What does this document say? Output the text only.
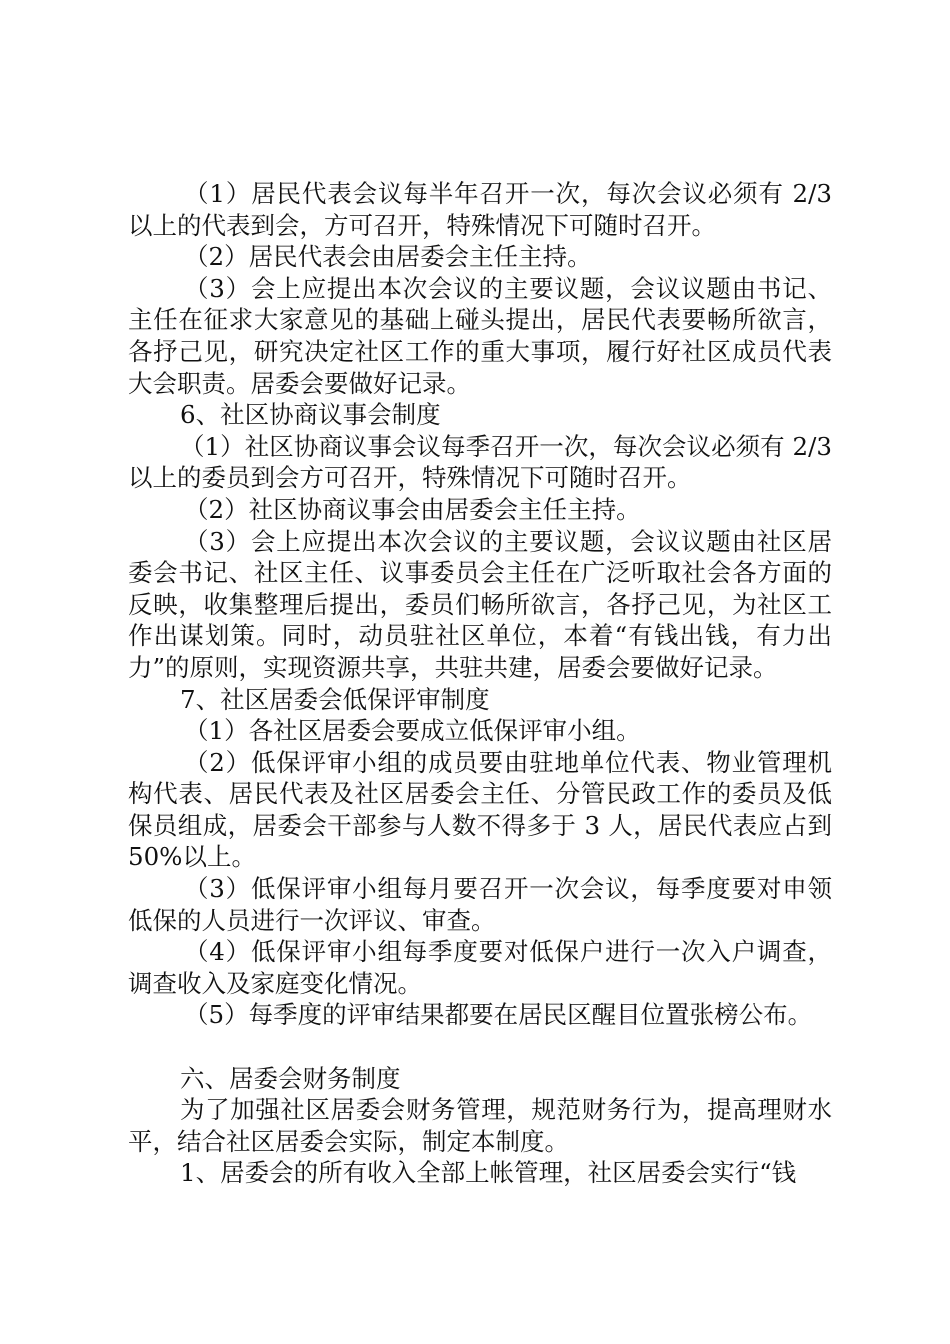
（1）居民代表会议每半年召开一次，每次会议必须有 2/3 以上的代表到会，方可召开，特殊情况下可随时召开。

（2）居民代表会由居委会主任主持。

（3）会上应提出本次会议的主要议题，会议议题由书记、主任在征求大家意见的基础上碰头提出，居民代表要畅所欲言，各抒己见，研究决定社区工作的重大事项，履行好社区成员代表大会职责。居委会要做好记录。

6、社区协商议事会制度

（1）社区协商议事会议每季召开一次，每次会议必须有 2/3 以上的委员到会方可召开，特殊情况下可随时召开。

（2）社区协商议事会由居委会主任主持。

（3）会上应提出本次会议的主要议题，会议议题由社区居委会书记、社区主任、议事委员会主任在广泛听取社会各方面的反映，收集整理后提出，委员们畅所欲言，各抒己见，为社区工作出谋划策。同时，动员驻社区单位，本着“有钱出钱，有力出力”的原则，实现资源共享，共驻共建，居委会要做好记录。

7、社区居委会低保评审制度

（1）各社区居委会要成立低保评审小组。

（2）低保评审小组的成员要由驻地单位代表、物业管理机构代表、居民代表及社区居委会主任、分管民政工作的委员及低保员组成，居委会干部参与人数不得多于 3 人，居民代表应占到 50%以上。

（3）低保评审小组每月要召开一次会议，每季度要对申领低保的人员进行一次评议、审查。

（4）低保评审小组每季度要对低保户进行一次入户调查，调查收入及家庭变化情况。

（5）每季度的评审结果都要在居民区醒目位置张榜公布。

六、居委会财务制度

为了加强社区居委会财务管理，规范财务行为，提高理财水平，结合社区居委会实际，制定本制度。

1、居委会的所有收入全部上帐管理，社区居委会实行“钱
